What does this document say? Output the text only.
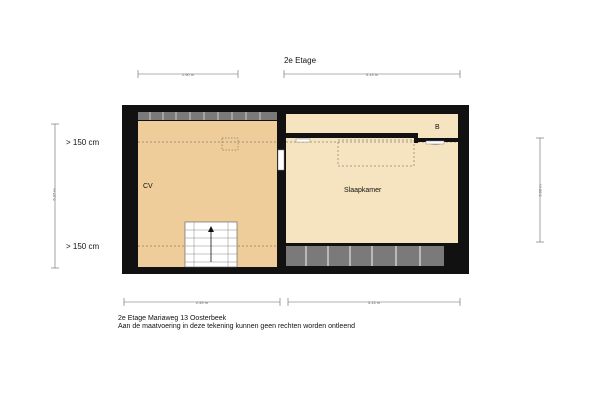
2e Etage
1.90 m	3.13 m
2.49 m	3.13 m
5.37 m	3.99 m
> 150 cm
> 150 cm
CV
Slaapkamer
B
2e Etage Mariaweg 13 Oosterbeek
Aan de maatvoering in deze tekening kunnen geen rechten worden ontleend
